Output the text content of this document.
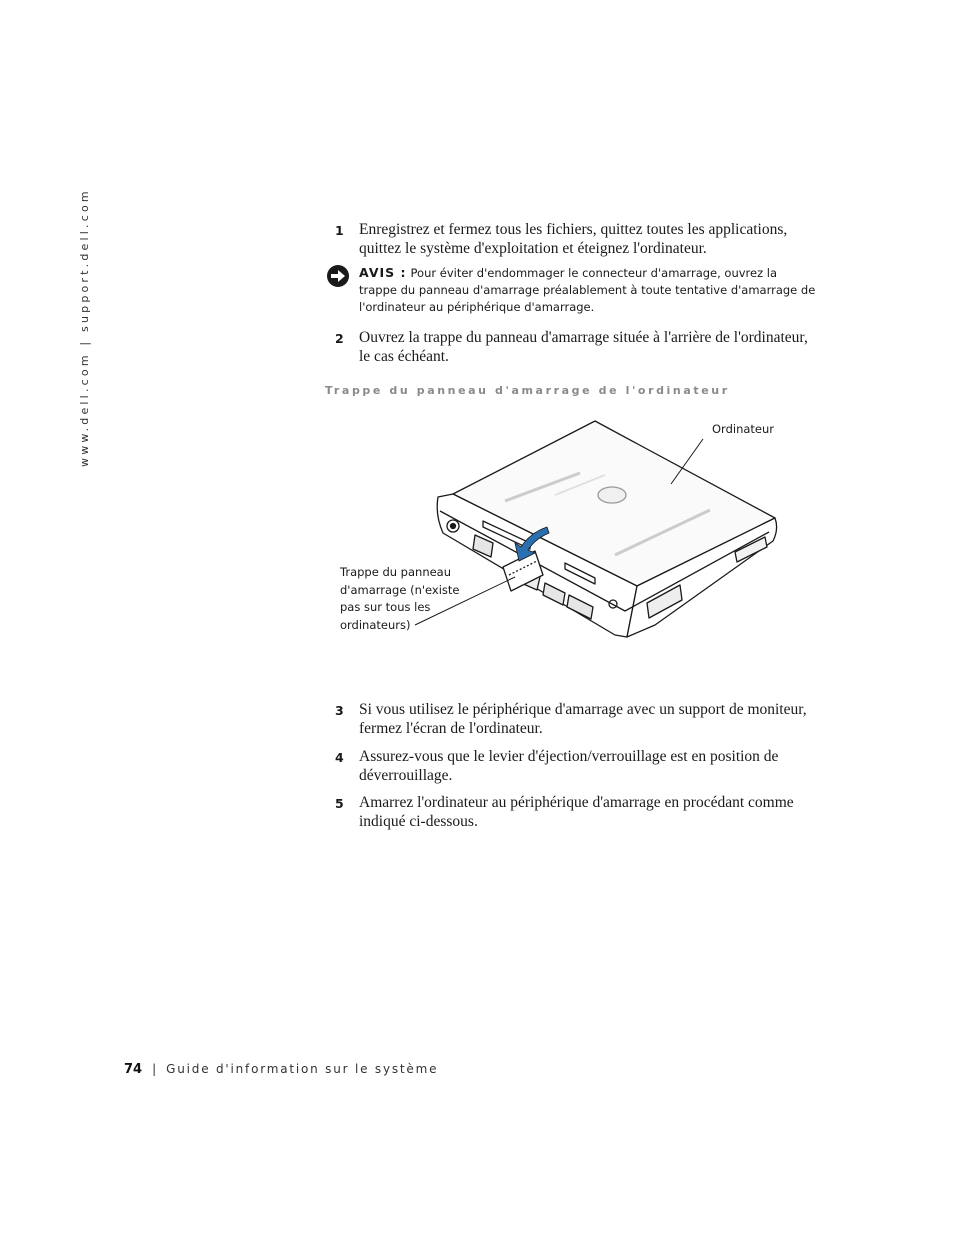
www.dell.com | support.dell.com	1 Enregistrez et fermez tous les fichiers, quittez toutes les applications, quittez le système d'exploitation et éteignez l'ordinateur.
AVIS : Pour éviter d'endommager le connecteur d'amarrage, ouvrez la trappe du panneau d'amarrage préalablement à toute tentative d'amarrage de l'ordinateur au périphérique d'amarrage.
2 Ouvrez la trappe du panneau d'amarrage située à l'arrière de l'ordinateur, le cas échéant.
Trappe du panneau d'amarrage de l'ordinateur
Ordinateur
Trappe du panneau d'amarrage (n'existe pas sur tous les ordinateurs)
3 Si vous utilisez le périphérique d'amarrage avec un support de moniteur, fermez l'écran de l'ordinateur.
4 Assurez-vous que le levier d'éjection/verrouillage est en position de déverrouillage.
5 Amarrez l'ordinateur au périphérique d'amarrage en procédant comme indiqué ci-dessous.
74 | Guide d'information sur le système
